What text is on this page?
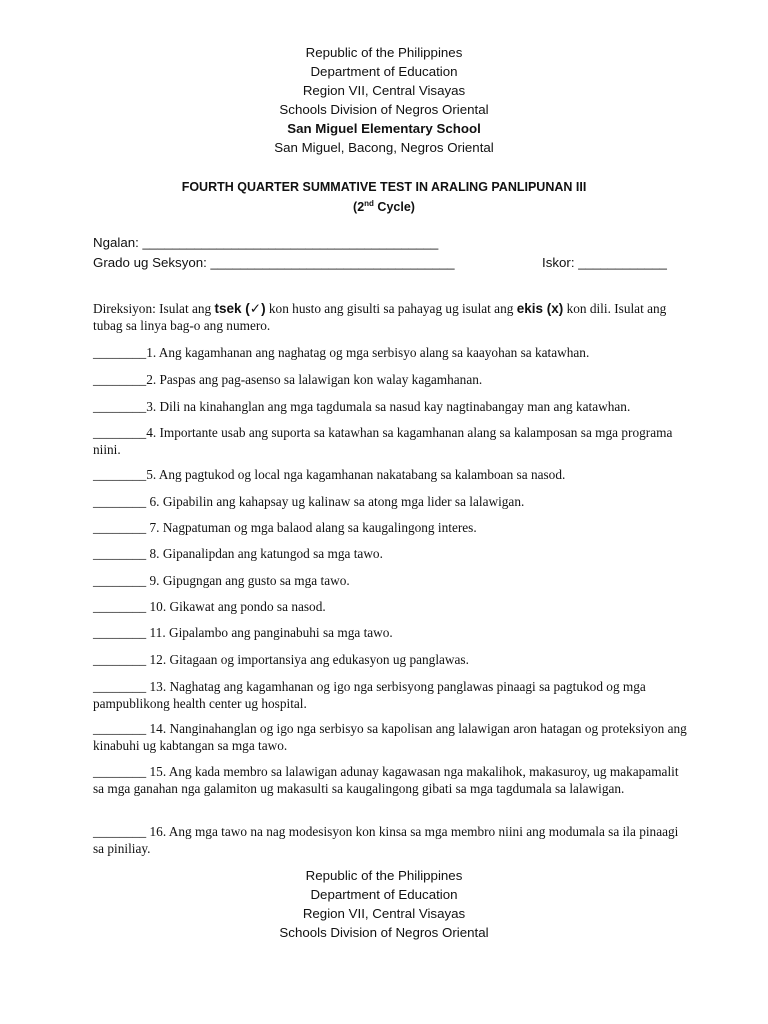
Republic of the Philippines
Department of Education
Region VII, Central Visayas
Schools Division of Negros Oriental
San Miguel Elementary School
San Miguel, Bacong, Negros Oriental
FOURTH QUARTER SUMMATIVE TEST IN ARALING PANLIPUNAN III
(2nd Cycle)
Ngalan: ________________________________________
Grado ug Seksyon: _________________________________	Iskor: ____________
Direksiyon: Isulat ang tsek (✓) kon husto ang gisulti sa pahayag ug isulat ang ekis (x) kon dili. Isulat ang tubag sa linya bag-o ang numero.
________1. Ang kagamhanan ang naghatag og mga serbisyo alang sa kaayohan sa katawhan.
________2. Paspas ang pag-asenso sa lalawigan kon walay kagamhanan.
________3. Dili na kinahanglan ang mga tagdumala sa nasud kay nagtinabangay man ang katawhan.
________4. Importante usab ang suporta sa katawhan sa kagamhanan alang sa kalamposan sa mga programa niini.
________5. Ang pagtukod og local nga kagamhanan nakatabang sa kalamboan sa nasod.
________ 6. Gipabilin ang kahapsay ug kalinaw sa atong mga lider sa lalawigan.
________ 7. Nagpatuman og mga balaod alang sa kaugalingong interes.
________ 8. Gipanalipdan ang katungod sa mga tawo.
________ 9. Gipugngan ang gusto sa mga tawo.
________ 10. Gikawat ang pondo sa nasod.
________ 11. Gipalambo ang panginabuhi sa mga tawo.
________ 12. Gitagaan og importansiya ang edukasyon ug panglawas.
________ 13. Naghatag ang kagamhanan og igo nga serbisyong panglawas pinaagi sa pagtukod og mga pampublikong health center ug hospital.
________ 14. Nanginahanglan og igo nga serbisyo sa kapolisan ang lalawigan aron hatagan og proteksiyon ang kinabuhi ug kabtangan sa mga tawo.
________ 15. Ang kada membro sa lalawigan adunay kagawasan nga makalihok, makasuroy, ug makapamalit sa mga ganahan nga galamiton ug makasulti sa kaugalingong gibati sa mga tagdumala sa lalawigan.
________ 16. Ang mga tawo na nag modesisyon kon kinsa sa mga membro niini ang modumala sa ila pinaagi sa piniliay.
Republic of the Philippines
Department of Education
Region VII, Central Visayas
Schools Division of Negros Oriental
